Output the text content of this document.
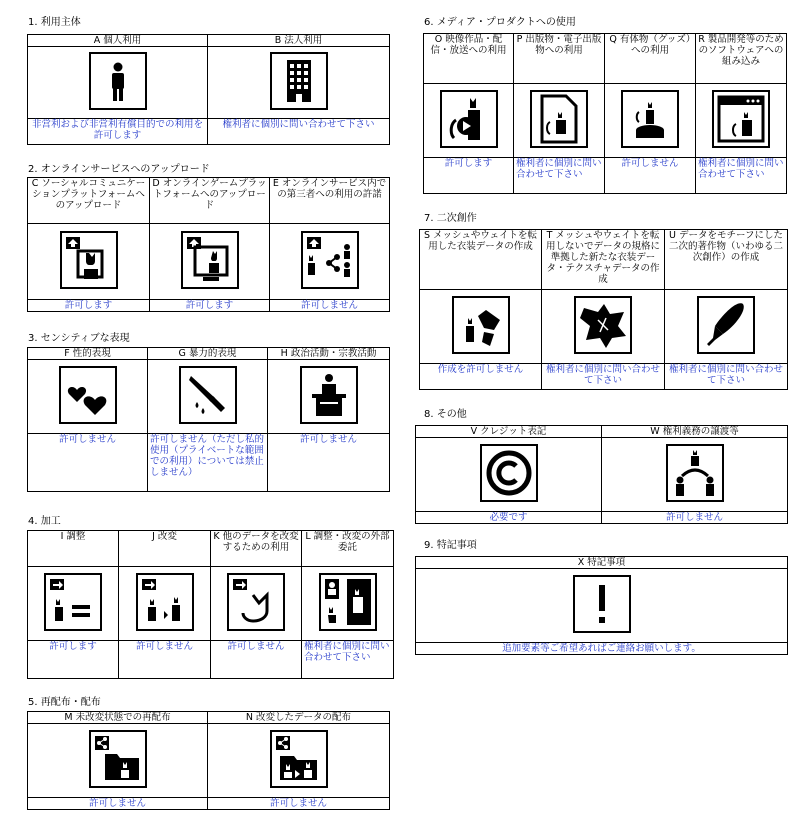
1. 利用主体
A 個人利用	B 法人利用

非営利および非営利有償目的での利用を許可します	権利者に個別に問い合わせて下さい
2. オンラインサービスへのアップロード
C ソーシャルコミュニケーションプラットフォームへのアップロード	D オンラインゲームプラットフォームへのアップロード	E オンラインサービス内での第三者への利用の許諾

許可します	許可します	許可しません
3. センシティブな表現
F 性的表現	G 暴力的表現	H 政治活動・宗教活動

許可しません	許可しません（ただし私的使用（プライベートな範囲での利用）については禁止しません）	許可しません
4. 加工
I 調整	J 改変	K 他のデータを改変するための利用	L 調整・改変の外部委託

許可します	許可しません	許可しません	権利者に個別に問い合わせて下さい
5. 再配布・配布
M 未改変状態での再配布	N 改変したデータの配布

許可しません	許可しません
6. メディア・プロダクトへの使用
O 映像作品・配信・放送への利用	P 出版物・電子出版物への利用	Q 有体物（グッズ）への利用	R 製品開発等のためのソフトウェアへの組み込み

許可します	権利者に個別に問い合わせて下さい	許可しません	権利者に個別に問い合わせて下さい
7. 二次創作
S メッシュやウェイトを転用した衣装データの作成	T メッシュやウェイトを転用しないでデータの規格に準拠した新たな衣装データ・テクスチャデータの作成	U データをモチーフにした二次的著作物（いわゆる二次創作）の作成

作成を許可しません	権利者に個別に問い合わせて下さい	権利者に個別に問い合わせて下さい
8. その他
V クレジット表記	W 権利義務の譲渡等

必要です	許可しません
9. 特記事項
X 特記事項

追加要素等ご希望あればご連絡お願いします。
